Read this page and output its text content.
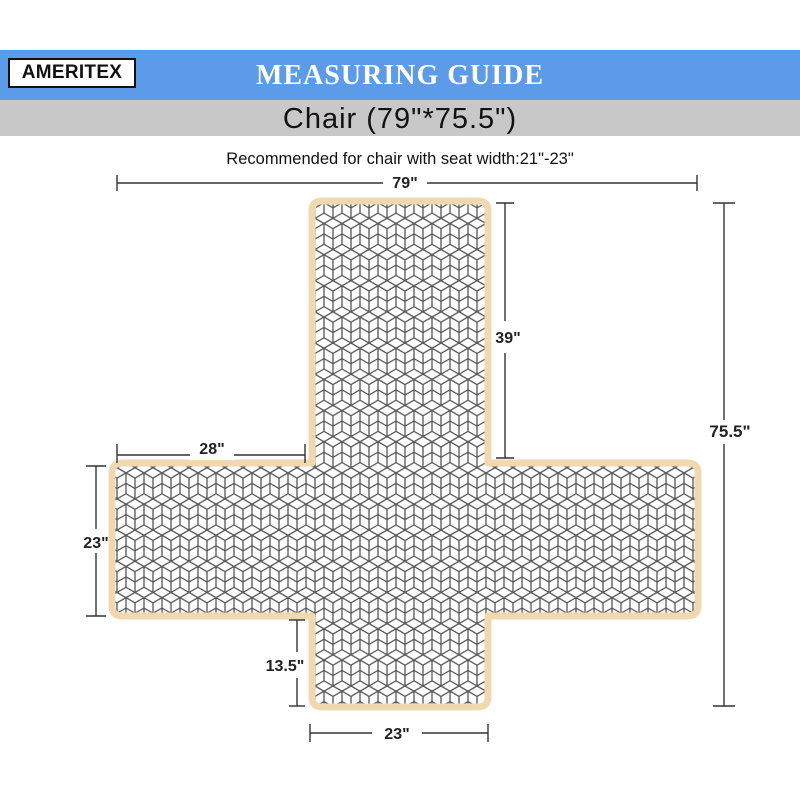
AMERITEX	MEASURING GUIDE
Chair (79"*75.5")
Recommended for chair with seat width:21"-23"
79"
75.5"
39"
28"
23"
13.5"
23"
